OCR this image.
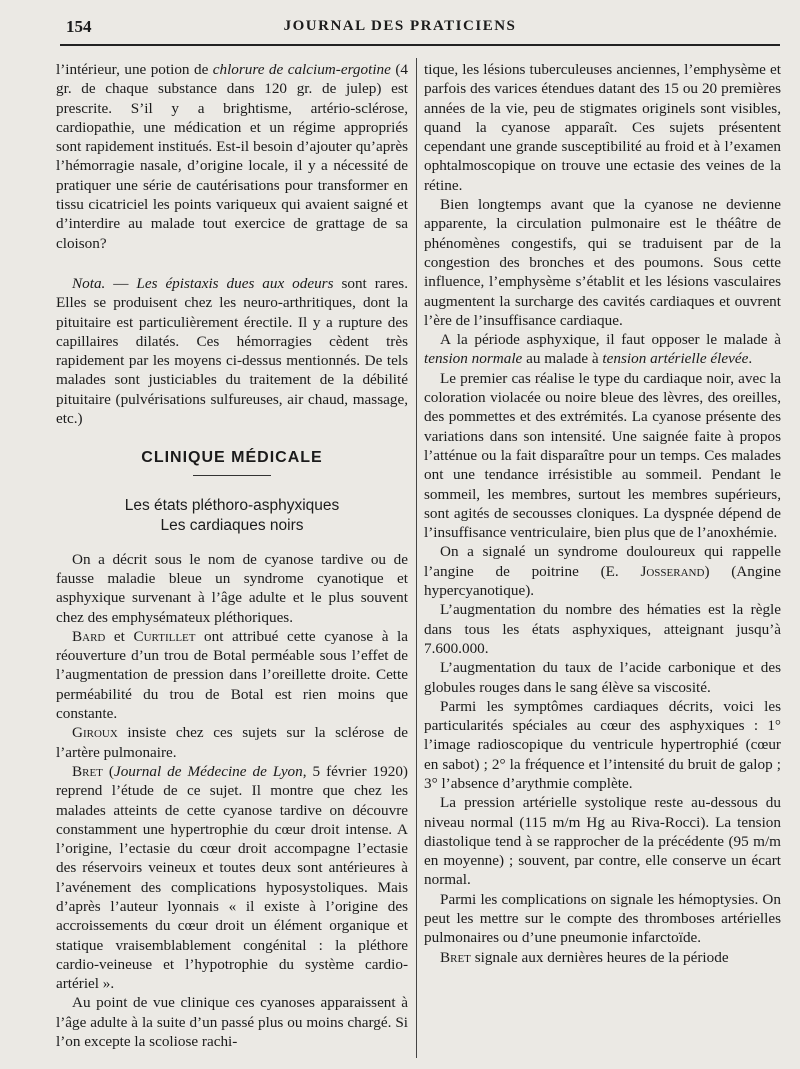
154	JOURNAL DES PRATICIENS

l’intérieur, une potion de chlorure de calcium-ergotine (4 gr. de chaque substance dans 120 gr. de julep) est prescrite. S’il y a brightisme, artério-sclérose, cardiopathie, une médication et un régime appropriés sont rapidement institués. Est-il besoin d’ajouter qu’après l’hémorragie nasale, d’origine locale, il y a nécessité de pratiquer une série de cautérisations pour transformer en tissu cicatriciel les points variqueux qui avaient saigné et d’interdire au malade tout exercice de grattage de sa cloison?

Nota. — Les épistaxis dues aux odeurs sont rares. Elles se produisent chez les neuro-arthritiques, dont la pituitaire est particulièrement érectile. Il y a rupture des capillaires dilatés. Ces hémorragies cèdent très rapidement par les moyens ci-dessus mentionnés. De tels malades sont justiciables du traitement de la débilité pituitaire (pulvérisations sulfureuses, air chaud, massage, etc.)

CLINIQUE MÉDICALE
Les états pléthoro-asphyxiques
Les cardiaques noirs

On a décrit sous le nom de cyanose tardive ou de fausse maladie bleue un syndrome cyanotique et asphyxique survenant à l’âge adulte et le plus souvent chez des emphysémateux pléthoriques.

Bard et Curtillet ont attribué cette cyanose à la réouverture d’un trou de Botal perméable sous l’effet de l’augmentation de pression dans l’oreillette droite. Cette perméabilité du trou de Botal est rien moins que constante.

Giroux insiste chez ces sujets sur la sclérose de l’artère pulmonaire.

Bret (Journal de Médecine de Lyon, 5 février 1920) reprend l’étude de ce sujet. Il montre que chez les malades atteints de cette cyanose tardive on découvre constamment une hypertrophie du cœur droit intense. A l’origine, l’ectasie du cœur droit accompagne l’ectasie des réservoirs veineux et toutes deux sont antérieures à l’avénement des complications hyposystoliques. Mais d’après l’auteur lyonnais « il existe à l’origine des accroissements du cœur droit un élément organique et statique vraisemblablement congénital : la pléthore cardio-veineuse et l’hypotrophie du système cardio-artériel ».

Au point de vue clinique ces cyanoses apparaissent à l’âge adulte à la suite d’un passé plus ou moins chargé. Si l’on excepte la scoliose rachi-

tique, les lésions tuberculeuses anciennes, l’emphysème et parfois des varices étendues datant des 15 ou 20 premières années de la vie, peu de stigmates originels sont visibles, quand la cyanose apparaît. Ces sujets présentent cependant une grande susceptibilité au froid et à l’examen ophtalmoscopique on trouve une ectasie des veines de la rétine.

Bien longtemps avant que la cyanose ne devienne apparente, la circulation pulmonaire est le théâtre de phénomènes congestifs, qui se traduisent par de la congestion des bronches et des poumons. Sous cette influence, l’emphysème s’établit et les lésions vasculaires augmentent la surcharge des cavités cardiaques et ouvrent l’ère de l’insuffisance cardiaque.

A la période asphyxique, il faut opposer le malade à tension normale au malade à tension artérielle élevée.

Le premier cas réalise le type du cardiaque noir, avec la coloration violacée ou noire bleue des lèvres, des oreilles, des pommettes et des extrémités. La cyanose présente des variations dans son intensité. Une saignée faite à propos l’atténue ou la fait disparaître pour un temps. Ces malades ont une tendance irrésistible au sommeil. Pendant le sommeil, les membres, surtout les membres supérieurs, sont agités de secousses cloniques. La dyspnée dépend de l’insuffisance ventriculaire, bien plus que de l’anoxhémie.

On a signalé un syndrome douloureux qui rappelle l’angine de poitrine (E. Josserand) (Angine hypercyanotique).

L’augmentation du nombre des hématies est la règle dans tous les états asphyxiques, atteignant jusqu’à 7.600.000.

L’augmentation du taux de l’acide carbonique et des globules rouges dans le sang élève sa viscosité.

Parmi les symptômes cardiaques décrits, voici les particularités spéciales au cœur des asphyxiques : 1° l’image radioscopique du ventricule hypertrophié (cœur en sabot) ; 2° la fréquence et l’intensité du bruit de galop ; 3° l’absence d’arythmie complète.

La pression artérielle systolique reste au-dessous du niveau normal (115 m/m Hg au Riva-Rocci). La tension diastolique tend à se rapprocher de la précédente (95 m/m en moyenne) ; souvent, par contre, elle conserve un écart normal.

Parmi les complications on signale les hémoptysies. On peut les mettre sur le compte des thromboses artérielles pulmonaires ou d’une pneumonie infarctoïde.

Bret signale aux dernières heures de la période
